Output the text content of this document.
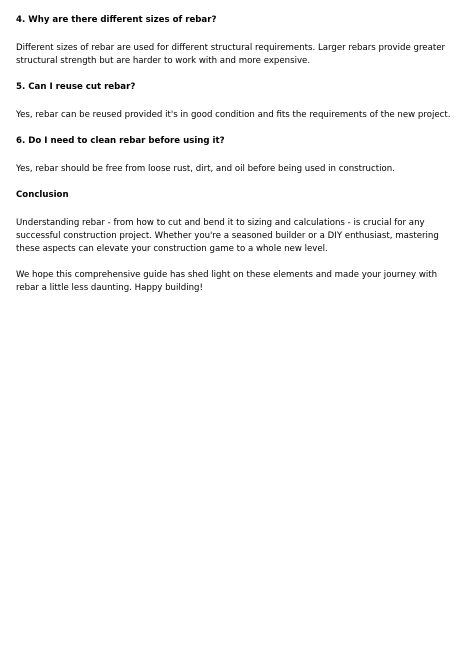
4. Why are there different sizes of rebar?

Different sizes of rebar are used for different structural requirements. Larger rebars provide greater structural strength but are harder to work with and more expensive.

5. Can I reuse cut rebar?

Yes, rebar can be reused provided it's in good condition and fits the requirements of the new project.

6. Do I need to clean rebar before using it?

Yes, rebar should be free from loose rust, dirt, and oil before being used in construction.

Conclusion

Understanding rebar - from how to cut and bend it to sizing and calculations - is crucial for any successful construction project. Whether you're a seasoned builder or a DIY enthusiast, mastering these aspects can elevate your construction game to a whole new level.

We hope this comprehensive guide has shed light on these elements and made your journey with rebar a little less daunting. Happy building!
